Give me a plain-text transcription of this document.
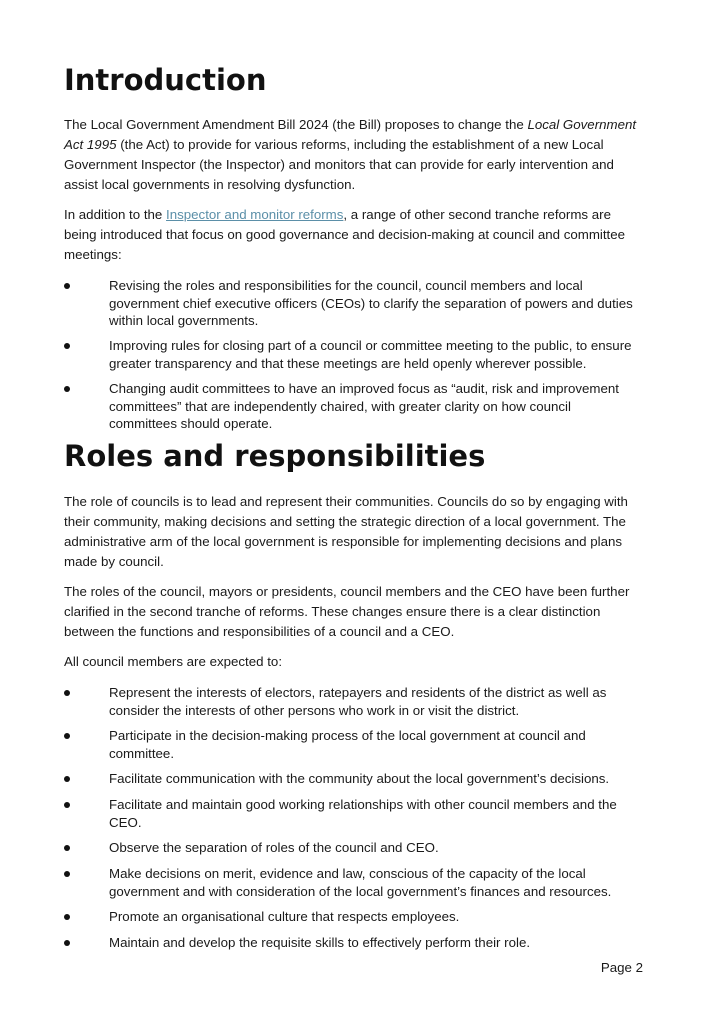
Introduction

The Local Government Amendment Bill 2024 (the Bill) proposes to change the Local Government Act 1995 (the Act) to provide for various reforms, including the establishment of a new Local Government Inspector (the Inspector) and monitors that can provide for early intervention and assist local governments in resolving dysfunction.

In addition to the Inspector and monitor reforms, a range of other second tranche reforms are being introduced that focus on good governance and decision-making at council and committee meetings:

Revising the roles and responsibilities for the council, council members and local government chief executive officers (CEOs) to clarify the separation of powers and duties within local governments.
Improving rules for closing part of a council or committee meeting to the public, to ensure greater transparency and that these meetings are held openly wherever possible.
Changing audit committees to have an improved focus as “audit, risk and improvement committees” that are independently chaired, with greater clarity on how council committees should operate.
Roles and responsibilities

The role of councils is to lead and represent their communities. Councils do so by engaging with their community, making decisions and setting the strategic direction of a local government. The administrative arm of the local government is responsible for implementing decisions and plans made by council.

The roles of the council, mayors or presidents, council members and the CEO have been further clarified in the second tranche of reforms. These changes ensure there is a clear distinction between the functions and responsibilities of a council and a CEO.

All council members are expected to:

Represent the interests of electors, ratepayers and residents of the district as well as consider the interests of other persons who work in or visit the district.
Participate in the decision-making process of the local government at council and committee.
Facilitate communication with the community about the local government’s decisions.
Facilitate and maintain good working relationships with other council members and the CEO.
Observe the separation of roles of the council and CEO.
Make decisions on merit, evidence and law, conscious of the capacity of the local government and with consideration of the local government’s finances and resources.
Promote an organisational culture that respects employees.
Maintain and develop the requisite skills to effectively perform their role.
Page 2
